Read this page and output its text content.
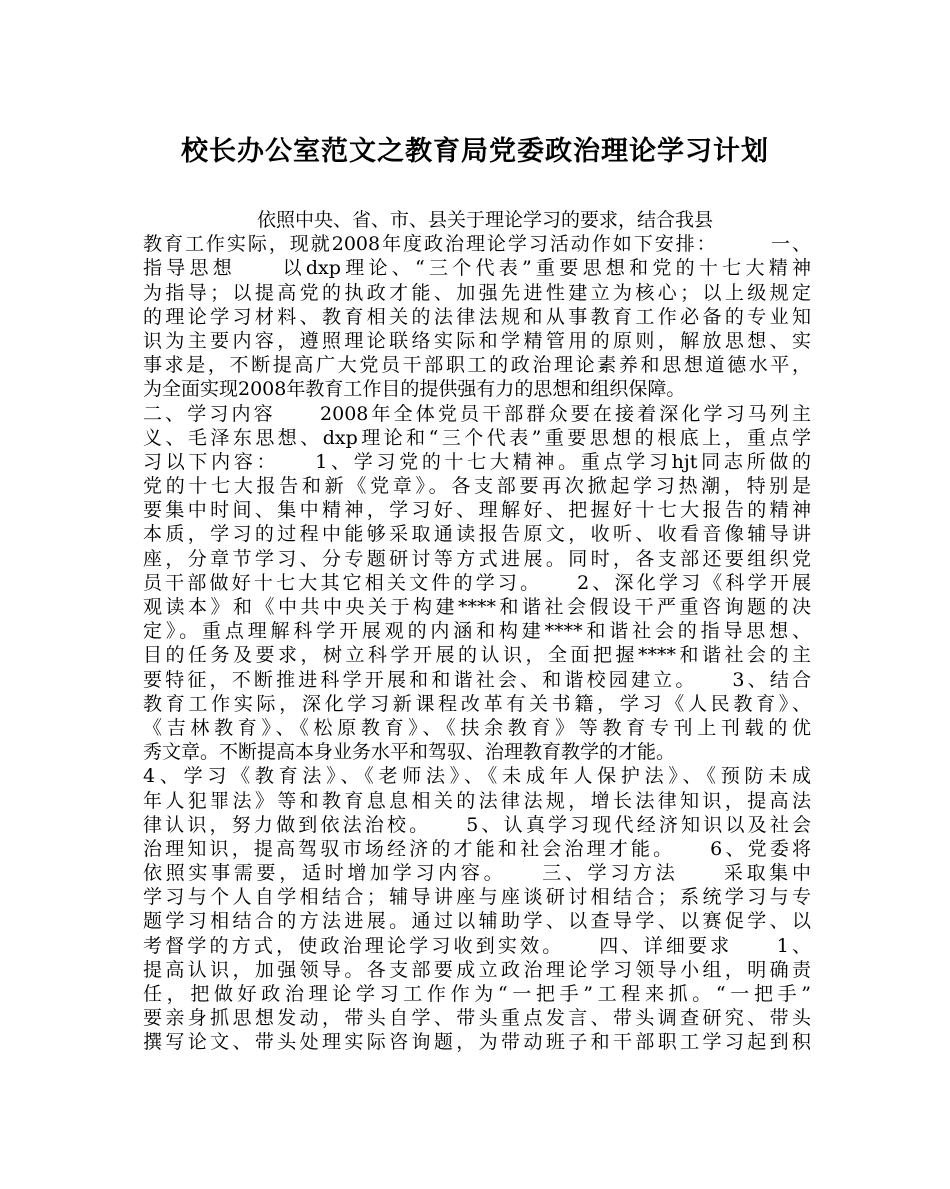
校长办公室范文之教育局党委政治理论学习计划
　　　　　　依照中央、省、市、县关于理论学习的要求，结合我县
教育工作实际，现就2008年度政治理论学习活动作如下安排：　　　一、
指导思想　　以dxp理论、“三个代表”重要思想和党的十七大精神
为指导；以提高党的执政才能、加强先进性建立为核心；以上级规定
的理论学习材料、教育相关的法律法规和从事教育工作必备的专业知
识为主要内容，遵照理论联络实际和学精管用的原则，解放思想、实
事求是，不断提高广大党员干部职工的政治理论素养和思想道德水平，
为全面实现2008年教育工作目的提供强有力的思想和组织保障。
二、学习内容　　2008年全体党员干部群众要在接着深化学习马列主
义、毛泽东思想、dxp理论和“三个代表”重要思想的根底上，重点学
习以下内容：　　1、学习党的十七大精神。重点学习hjt同志所做的
党的十七大报告和新《党章》。各支部要再次掀起学习热潮，特别是
要集中时间、集中精神，学习好、理解好、把握好十七大报告的精神
本质，学习的过程中能够采取通读报告原文，收听、收看音像辅导讲
座，分章节学习、分专题研讨等方式进展。同时，各支部还要组织党
员干部做好十七大其它相关文件的学习。　　2、深化学习《科学开展
观读本》和《中共中央关于构建****和谐社会假设干严重咨询题的决
定》。重点理解科学开展观的内涵和构建****和谐社会的指导思想、
目的任务及要求，树立科学开展的认识，全面把握****和谐社会的主
要特征，不断推进科学开展和和谐社会、和谐校园建立。　　3、结合
教育工作实际，深化学习新课程改革有关书籍，学习《人民教育》、
《吉林教育》、《松原教育》、《扶余教育》等教育专刊上刊载的优
秀文章。不断提高本身业务水平和驾驭、治理教育教学的才能。
4、学习《教育法》、《老师法》、《未成年人保护法》、《预防未成
年人犯罪法》等和教育息息相关的法律法规，增长法律知识，提高法
律认识，努力做到依法治校。　　5、认真学习现代经济知识以及社会
治理知识，提高驾驭市场经济的才能和社会治理才能。　　6、党委将
依照实事需要，适时增加学习内容。　　三、学习方法　　采取集中
学习与个人自学相结合；辅导讲座与座谈研讨相结合；系统学习与专
题学习相结合的方法进展。通过以辅助学、以查导学、以赛促学、以
考督学的方式，使政治理论学习收到实效。　　四、详细要求　　1、
提高认识，加强领导。各支部要成立政治理论学习领导小组，明确责
任，把做好政治理论学习工作作为“一把手”工程来抓。“一把手”
要亲身抓思想发动，带头自学、带头重点发言、带头调查研究、带头
撰写论文、带头处理实际咨询题，为带动班子和干部职工学习起到积
